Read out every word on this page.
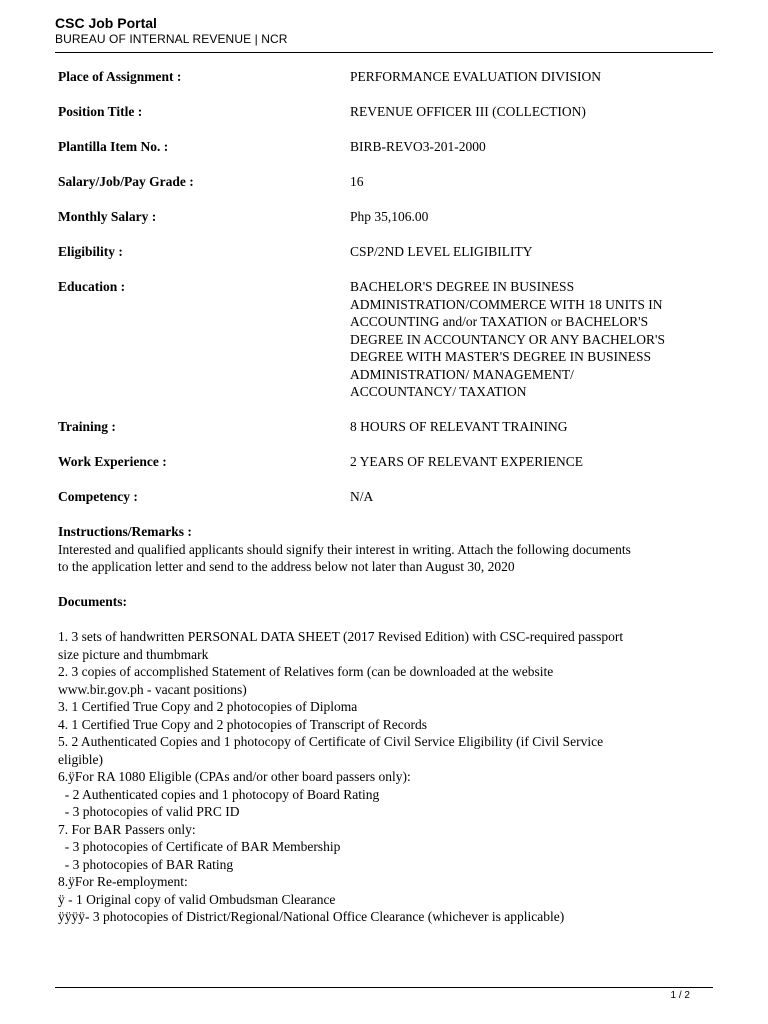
CSC Job Portal
BUREAU OF INTERNAL REVENUE | NCR
Place of Assignment :	PERFORMANCE EVALUATION DIVISION
Position Title :	REVENUE OFFICER III (COLLECTION)
Plantilla Item No. :	BIRB-REVO3-201-2000
Salary/Job/Pay Grade :	16
Monthly Salary :	Php 35,106.00
Eligibility :	CSP/2ND LEVEL ELIGIBILITY
Education :	BACHELOR'S DEGREE IN BUSINESS
ADMINISTRATION/COMMERCE WITH 18 UNITS IN
ACCOUNTING and/or TAXATION or BACHELOR'S
DEGREE IN ACCOUNTANCY OR ANY BACHELOR'S
DEGREE WITH MASTER'S DEGREE IN BUSINESS
ADMINISTRATION/ MANAGEMENT/
ACCOUNTANCY/ TAXATION
Training :	8 HOURS OF RELEVANT TRAINING
Work Experience :	2 YEARS OF RELEVANT EXPERIENCE
Competency :	N/A
Instructions/Remarks :
Interested and qualified applicants should signify their interest in writing. Attach the following documents
to the application letter and send to the address below not later than August 30, 2020
Documents:
1. 3 sets of handwritten PERSONAL DATA SHEET (2017 Revised Edition) with CSC-required passport
size picture and thumbmark
2. 3 copies of accomplished Statement of Relatives form (can be downloaded at the website
www.bir.gov.ph - vacant positions)
3. 1 Certified True Copy and 2 photocopies of Diploma
4. 1 Certified True Copy and 2 photocopies of Transcript of Records
5. 2 Authenticated Copies and 1 photocopy of Certificate of Civil Service Eligibility (if Civil Service
eligible)
6.ÿFor RA 1080 Eligible (CPAs and/or other board passers only):
- 2 Authenticated copies and 1 photocopy of Board Rating
- 3 photocopies of valid PRC ID
7. For BAR Passers only:
- 3 photocopies of Certificate of BAR Membership
- 3 photocopies of BAR Rating
8.ÿFor Re-employment:
ÿ - 1 Original copy of valid Ombudsman Clearance
ÿÿÿÿ- 3 photocopies of District/Regional/National Office Clearance (whichever is applicable)
1 / 2
